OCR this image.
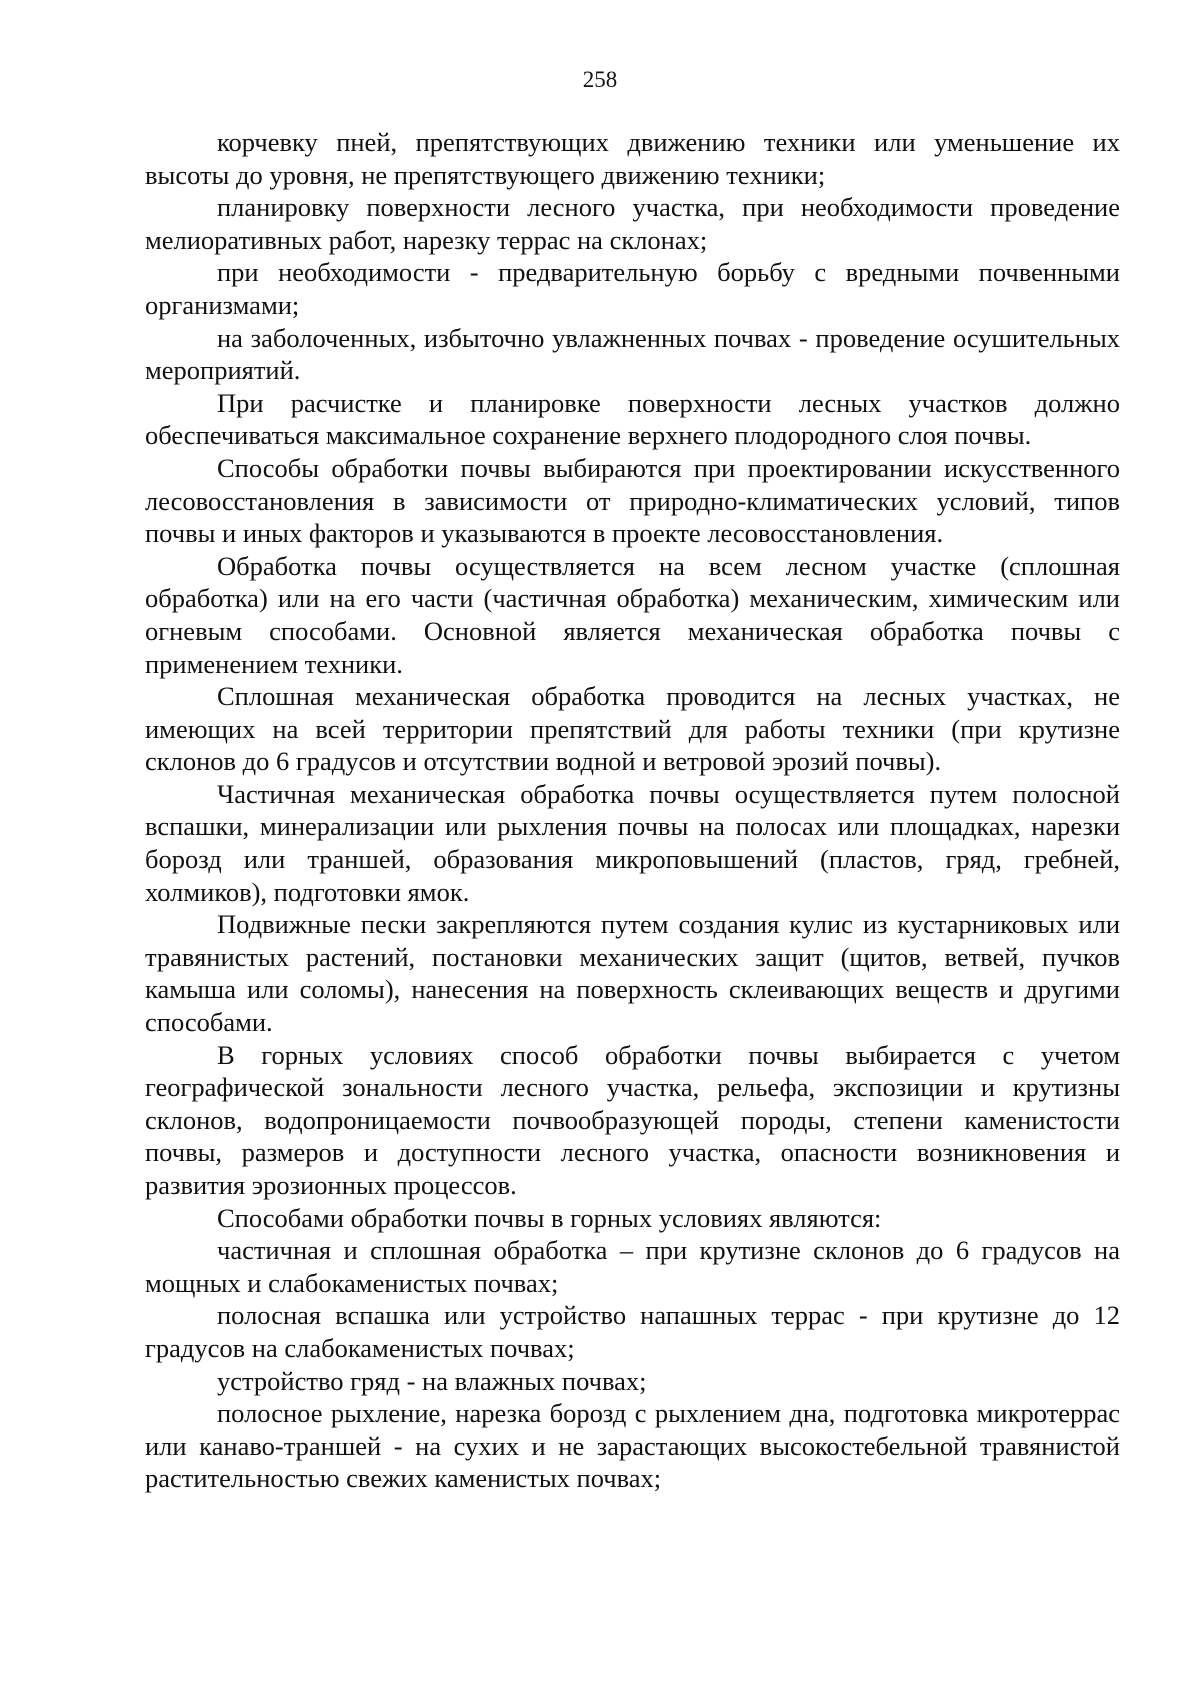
258

корчевку пней, препятствующих движению техники или уменьшение их высоты до уровня, не препятствующего движению техники;

планировку поверхности лесного участка, при необходимости проведение мелиоративных работ, нарезку террас на склонах;

при необходимости - предварительную борьбу с вредными почвенными организмами;

на заболоченных, избыточно увлажненных почвах - проведение осушительных мероприятий.

При расчистке и планировке поверхности лесных участков должно обеспечиваться максимальное сохранение верхнего плодородного слоя почвы.

Способы обработки почвы выбираются при проектировании искусственного лесовосстановления в зависимости от природно-климатических условий, типов почвы и иных факторов и указываются в проекте лесовосстановления.

Обработка почвы осуществляется на всем лесном участке (сплошная обработка) или на его части (частичная обработка) механическим, химическим или огневым способами. Основной является механическая обработка почвы с применением техники.

Сплошная механическая обработка проводится на лесных участках, не имеющих на всей территории препятствий для работы техники (при крутизне склонов до 6 градусов и отсутствии водной и ветровой эрозий почвы).

Частичная механическая обработка почвы осуществляется путем полосной вспашки, минерализации или рыхления почвы на полосах или площадках, нарезки борозд или траншей, образования микроповышений (пластов, гряд, гребней, холмиков), подготовки ямок.

Подвижные пески закрепляются путем создания кулис из кустарниковых или травянистых растений, постановки механических защит (щитов, ветвей, пучков камыша или соломы), нанесения на поверхность склеивающих веществ и другими способами.

В горных условиях способ обработки почвы выбирается с учетом географической зональности лесного участка, рельефа, экспозиции и крутизны склонов, водопроницаемости почвообразующей породы, степени каменистости почвы, размеров и доступности лесного участка, опасности возникновения и развития эрозионных процессов.

Способами обработки почвы в горных условиях являются:

частичная и сплошная обработка – при крутизне склонов до 6 градусов на мощных и слабокаменистых почвах;

полосная вспашка или устройство напашных террас - при крутизне до 12 градусов на слабокаменистых почвах;

устройство гряд - на влажных почвах;

полосное рыхление, нарезка борозд с рыхлением дна, подготовка микротеррас или канаво-траншей - на сухих и не зарастающих высокостебельной травянистой растительностью свежих каменистых почвах;
